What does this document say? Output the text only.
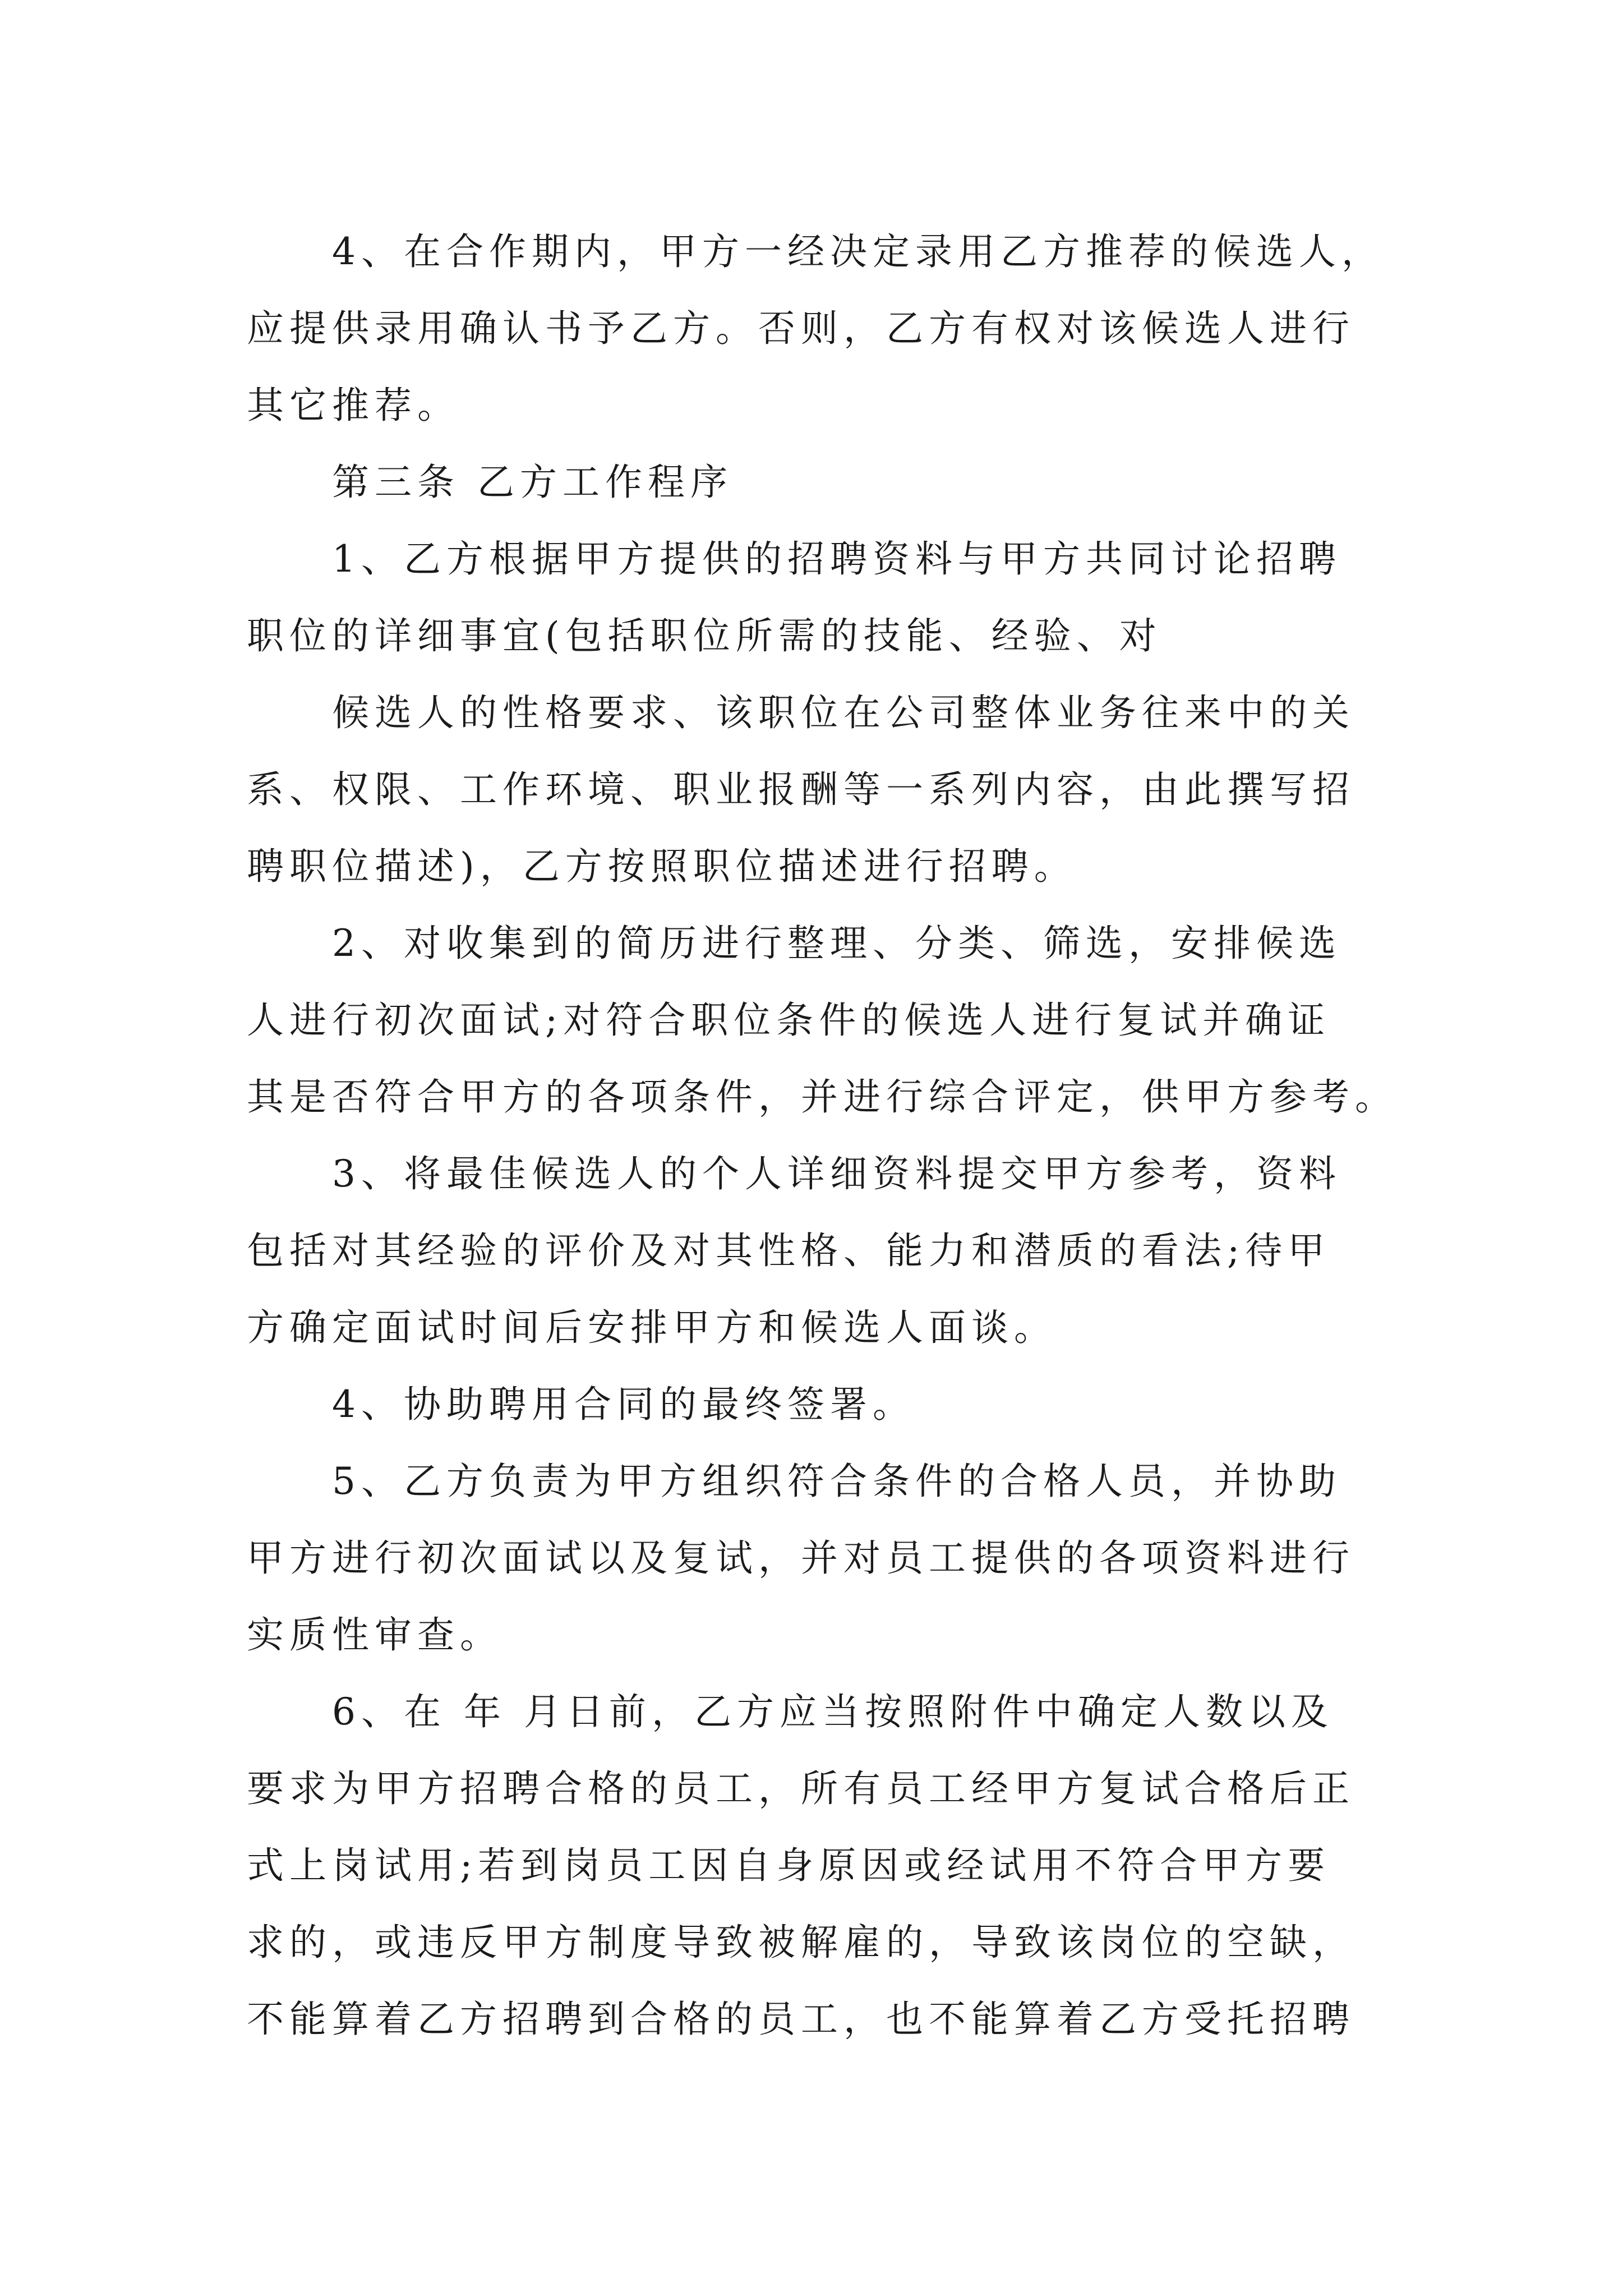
4、在合作期内，甲方一经决定录用乙方推荐的候选人，
应提供录用确认书予乙方。否则，乙方有权对该候选人进行
其它推荐。
第三条 乙方工作程序
1、乙方根据甲方提供的招聘资料与甲方共同讨论招聘
职位的详细事宜(包括职位所需的技能、经验、对
候选人的性格要求、该职位在公司整体业务往来中的关
系、权限、工作环境、职业报酬等一系列内容，由此撰写招
聘职位描述)，乙方按照职位描述进行招聘。
2、对收集到的简历进行整理、分类、筛选，安排候选
人进行初次面试;对符合职位条件的候选人进行复试并确证
其是否符合甲方的各项条件，并进行综合评定，供甲方参考。
3、将最佳候选人的个人详细资料提交甲方参考，资料
包括对其经验的评价及对其性格、能力和潜质的看法;待甲
方确定面试时间后安排甲方和候选人面谈。
4、协助聘用合同的最终签署。
5、乙方负责为甲方组织符合条件的合格人员，并协助
甲方进行初次面试以及复试，并对员工提供的各项资料进行
实质性审查。
6、在 年 月日前，乙方应当按照附件中确定人数以及
要求为甲方招聘合格的员工，所有员工经甲方复试合格后正
式上岗试用;若到岗员工因自身原因或经试用不符合甲方要
求的，或违反甲方制度导致被解雇的，导致该岗位的空缺，
不能算着乙方招聘到合格的员工，也不能算着乙方受托招聘
